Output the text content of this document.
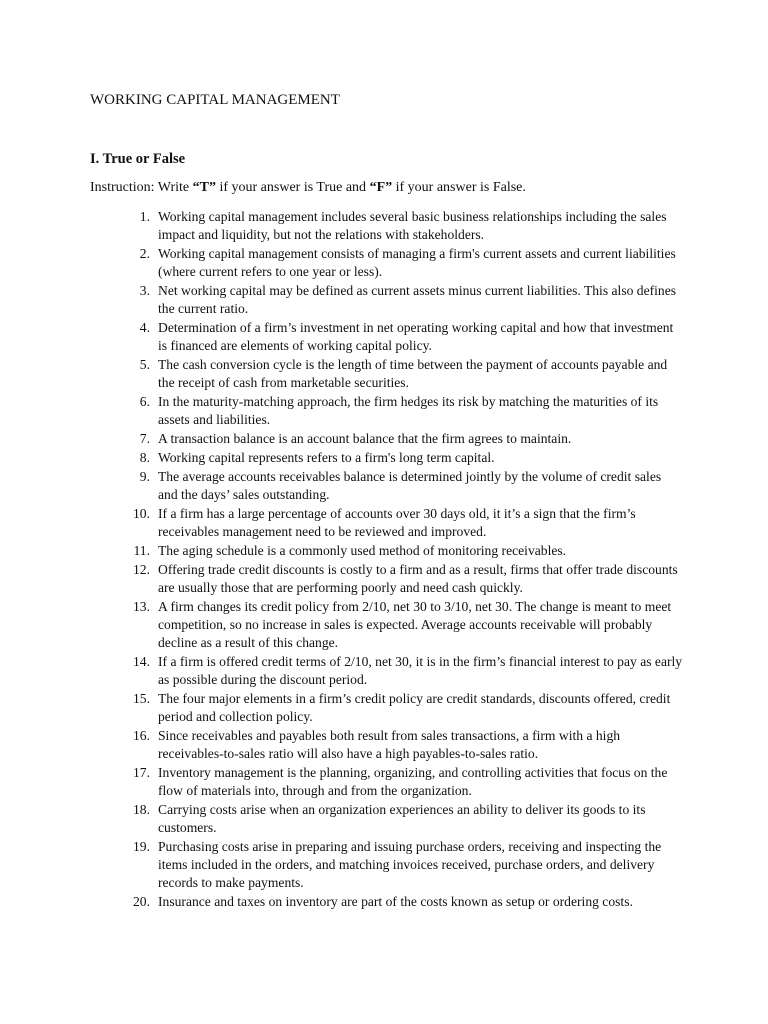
WORKING CAPITAL MANAGEMENT
I. True or False
Instruction: Write “T” if your answer is True and “F” if your answer is False.
1. Working capital management includes several basic business relationships including the sales impact and liquidity, but not the relations with stakeholders.
2. Working capital management consists of managing a firm's current assets and current liabilities (where current refers to one year or less).
3. Net working capital may be defined as current assets minus current liabilities. This also defines the current ratio.
4. Determination of a firm’s investment in net operating working capital and how that investment is financed are elements of working capital policy.
5. The cash conversion cycle is the length of time between the payment of accounts payable and the receipt of cash from marketable securities.
6. In the maturity-matching approach, the firm hedges its risk by matching the maturities of its assets and liabilities.
7. A transaction balance is an account balance that the firm agrees to maintain.
8. Working capital represents refers to a firm's long term capital.
9. The average accounts receivables balance is determined jointly by the volume of credit sales and the days’ sales outstanding.
10. If a firm has a large percentage of accounts over 30 days old, it it’s a sign that the firm’s receivables management need to be reviewed and improved.
11. The aging schedule is a commonly used method of monitoring receivables.
12. Offering trade credit discounts is costly to a firm and as a result, firms that offer trade discounts are usually those that are performing poorly and need cash quickly.
13. A firm changes its credit policy from 2/10, net 30 to 3/10, net 30. The change is meant to meet competition, so no increase in sales is expected. Average accounts receivable will probably decline as a result of this change.
14. If a firm is offered credit terms of 2/10, net 30, it is in the firm’s financial interest to pay as early as possible during the discount period.
15. The four major elements in a firm’s credit policy are credit standards, discounts offered, credit period and collection policy.
16. Since receivables and payables both result from sales transactions, a firm with a high receivables-to-sales ratio will also have a high payables-to-sales ratio.
17. Inventory management is the planning, organizing, and controlling activities that focus on the flow of materials into, through and from the organization.
18. Carrying costs arise when an organization experiences an ability to deliver its goods to its customers.
19. Purchasing costs arise in preparing and issuing purchase orders, receiving and inspecting the items included in the orders, and matching invoices received, purchase orders, and delivery records to make payments.
20. Insurance and taxes on inventory are part of the costs known as setup or ordering costs.
